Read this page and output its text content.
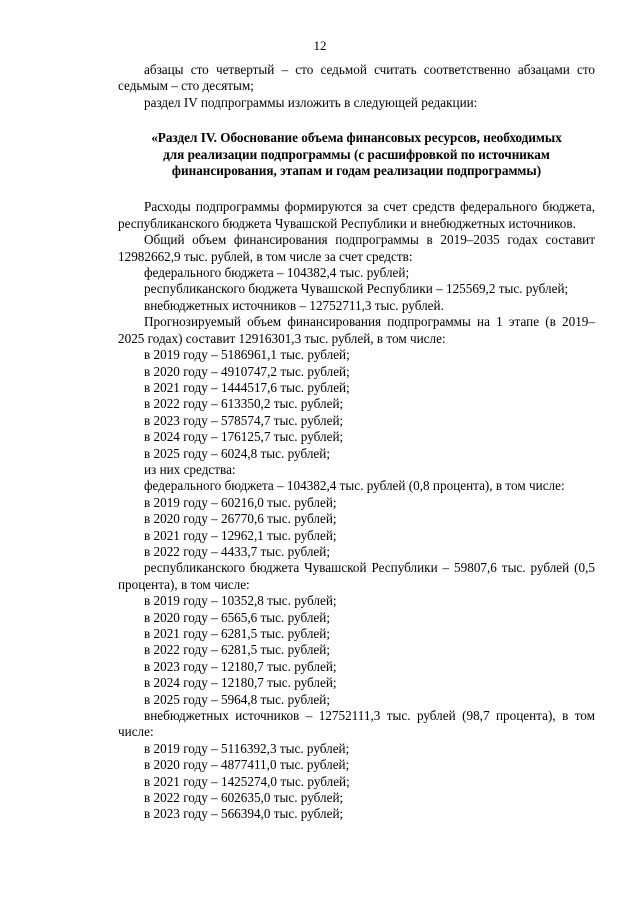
12

абзацы сто четвертый – сто седьмой считать соответственно абзацами сто седьмым – сто десятым;

раздел IV подпрограммы изложить в следующей редакции:

«Раздел IV. Обоснование объема финансовых ресурсов, необходимых
для реализации подпрограммы (с расшифровкой по источникам
финансирования, этапам и годам реализации подпрограммы)

Расходы подпрограммы формируются за счет средств федерального бюджета, республиканского бюджета Чувашской Республики и внебюджетных источников.

Общий объем финансирования подпрограммы в 2019–2035 годах составит 12982662,9 тыс. рублей, в том числе за счет средств:

федерального бюджета – 104382,4 тыс. рублей;

республиканского бюджета Чувашской Республики – 125569,2 тыс. рублей;

внебюджетных источников – 12752711,3 тыс. рублей.

Прогнозируемый объем финансирования подпрограммы на 1 этапе (в 2019–2025 годах) составит 12916301,3 тыс. рублей, в том числе:

в 2019 году – 5186961,1 тыс. рублей;

в 2020 году – 4910747,2 тыс. рублей;

в 2021 году – 1444517,6 тыс. рублей;

в 2022 году – 613350,2 тыс. рублей;

в 2023 году – 578574,7 тыс. рублей;

в 2024 году – 176125,7 тыс. рублей;

в 2025 году – 6024,8 тыс. рублей;

из них средства:

федерального бюджета – 104382,4 тыс. рублей (0,8 процента), в том числе:

в 2019 году – 60216,0 тыс. рублей;

в 2020 году – 26770,6 тыс. рублей;

в 2021 году – 12962,1 тыс. рублей;

в 2022 году – 4433,7 тыс. рублей;

республиканского бюджета Чувашской Республики – 59807,6 тыс. рублей (0,5 процента), в том числе:

в 2019 году – 10352,8 тыс. рублей;

в 2020 году – 6565,6 тыс. рублей;

в 2021 году – 6281,5 тыс. рублей;

в 2022 году – 6281,5 тыс. рублей;

в 2023 году – 12180,7 тыс. рублей;

в 2024 году – 12180,7 тыс. рублей;

в 2025 году – 5964,8 тыс. рублей;

внебюджетных источников – 12752111,3 тыс. рублей (98,7 процента), в том числе:

в 2019 году – 5116392,3 тыс. рублей;

в 2020 году – 4877411,0 тыс. рублей;

в 2021 году – 1425274,0 тыс. рублей;

в 2022 году – 602635,0 тыс. рублей;

в 2023 году – 566394,0 тыс. рублей;
